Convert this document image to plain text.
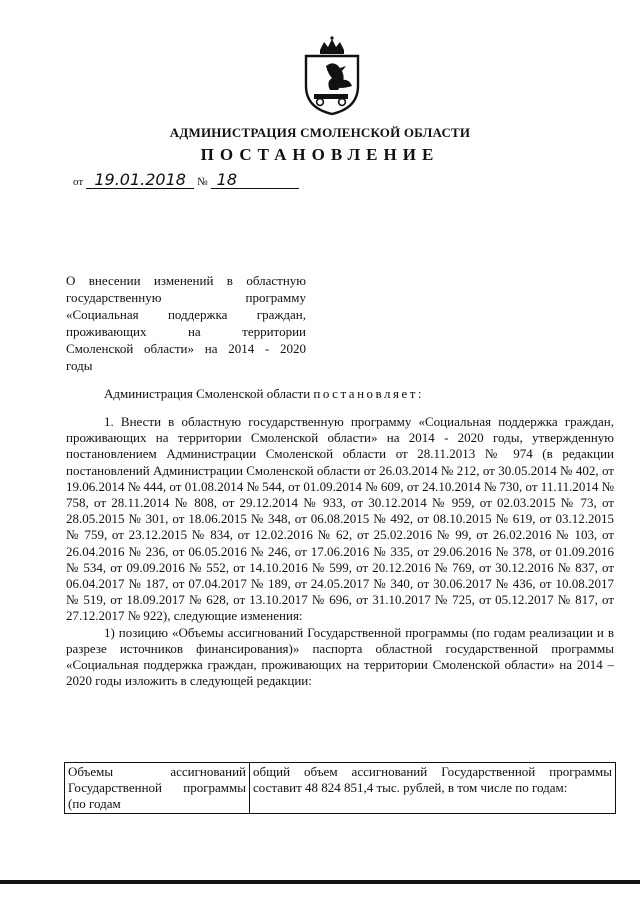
АДМИНИСТРАЦИЯ СМОЛЕНСКОЙ ОБЛАСТИ
ПОСТАНОВЛЕНИЕ
от 19.01.2018 № 18
О внесении изменений в областную
государственную программу
«Социальная поддержка граждан,
проживающих на территории
Смоленской области» на 2014 - 2020
годы
Администрация Смоленской области постановляет:

1. Внести в областную государственную программу «Социальная поддержка граждан, проживающих на территории Смоленской области» на 2014 - 2020 годы, утвержденную постановлением Администрации Смоленской области от 28.11.2013 № 974 (в редакции постановлений Администрации Смоленской области от 26.03.2014 № 212, от 30.05.2014 № 402, от 19.06.2014 № 444, от 01.08.2014 № 544, от 01.09.2014 № 609, от 24.10.2014 № 730, от 11.11.2014 № 758, от 28.11.2014 № 808, от 29.12.2014 № 933, от 30.12.2014 № 959, от 02.03.2015 № 73, от 28.05.2015 № 301, от 18.06.2015 № 348, от 06.08.2015 № 492, от 08.10.2015 № 619, от 03.12.2015 № 759, от 23.12.2015 № 834, от 12.02.2016 № 62, от 25.02.2016 № 99, от 26.02.2016 № 103, от 26.04.2016 № 236, от 06.05.2016 № 246, от 17.06.2016 № 335, от 29.06.2016 № 378, от 01.09.2016 № 534, от 09.09.2016 № 552, от 14.10.2016 № 599, от 20.12.2016 № 769, от 30.12.2016 № 837, от 06.04.2017 № 187, от 07.04.2017 № 189, от 24.05.2017 № 340, от 30.06.2017 № 436, от 10.08.2017 № 519, от 18.09.2017 № 628, от 13.10.2017 № 696, от 31.10.2017 № 725, от 05.12.2017 № 817, от 27.12.2017 № 922), следующие изменения:

1) позицию «Объемы ассигнований Государственной программы (по годам реализации и в разрезе источников финансирования)» паспорта областной государственной программы «Социальная поддержка граждан, проживающих на территории Смоленской области» на 2014 – 2020 годы изложить в следующей редакции:

Объемы ассигнований Государственной программы (по годам	общий объем ассигнований Государственной программы составит 48 824 851,4 тыс. рублей, в том числе по годам:
